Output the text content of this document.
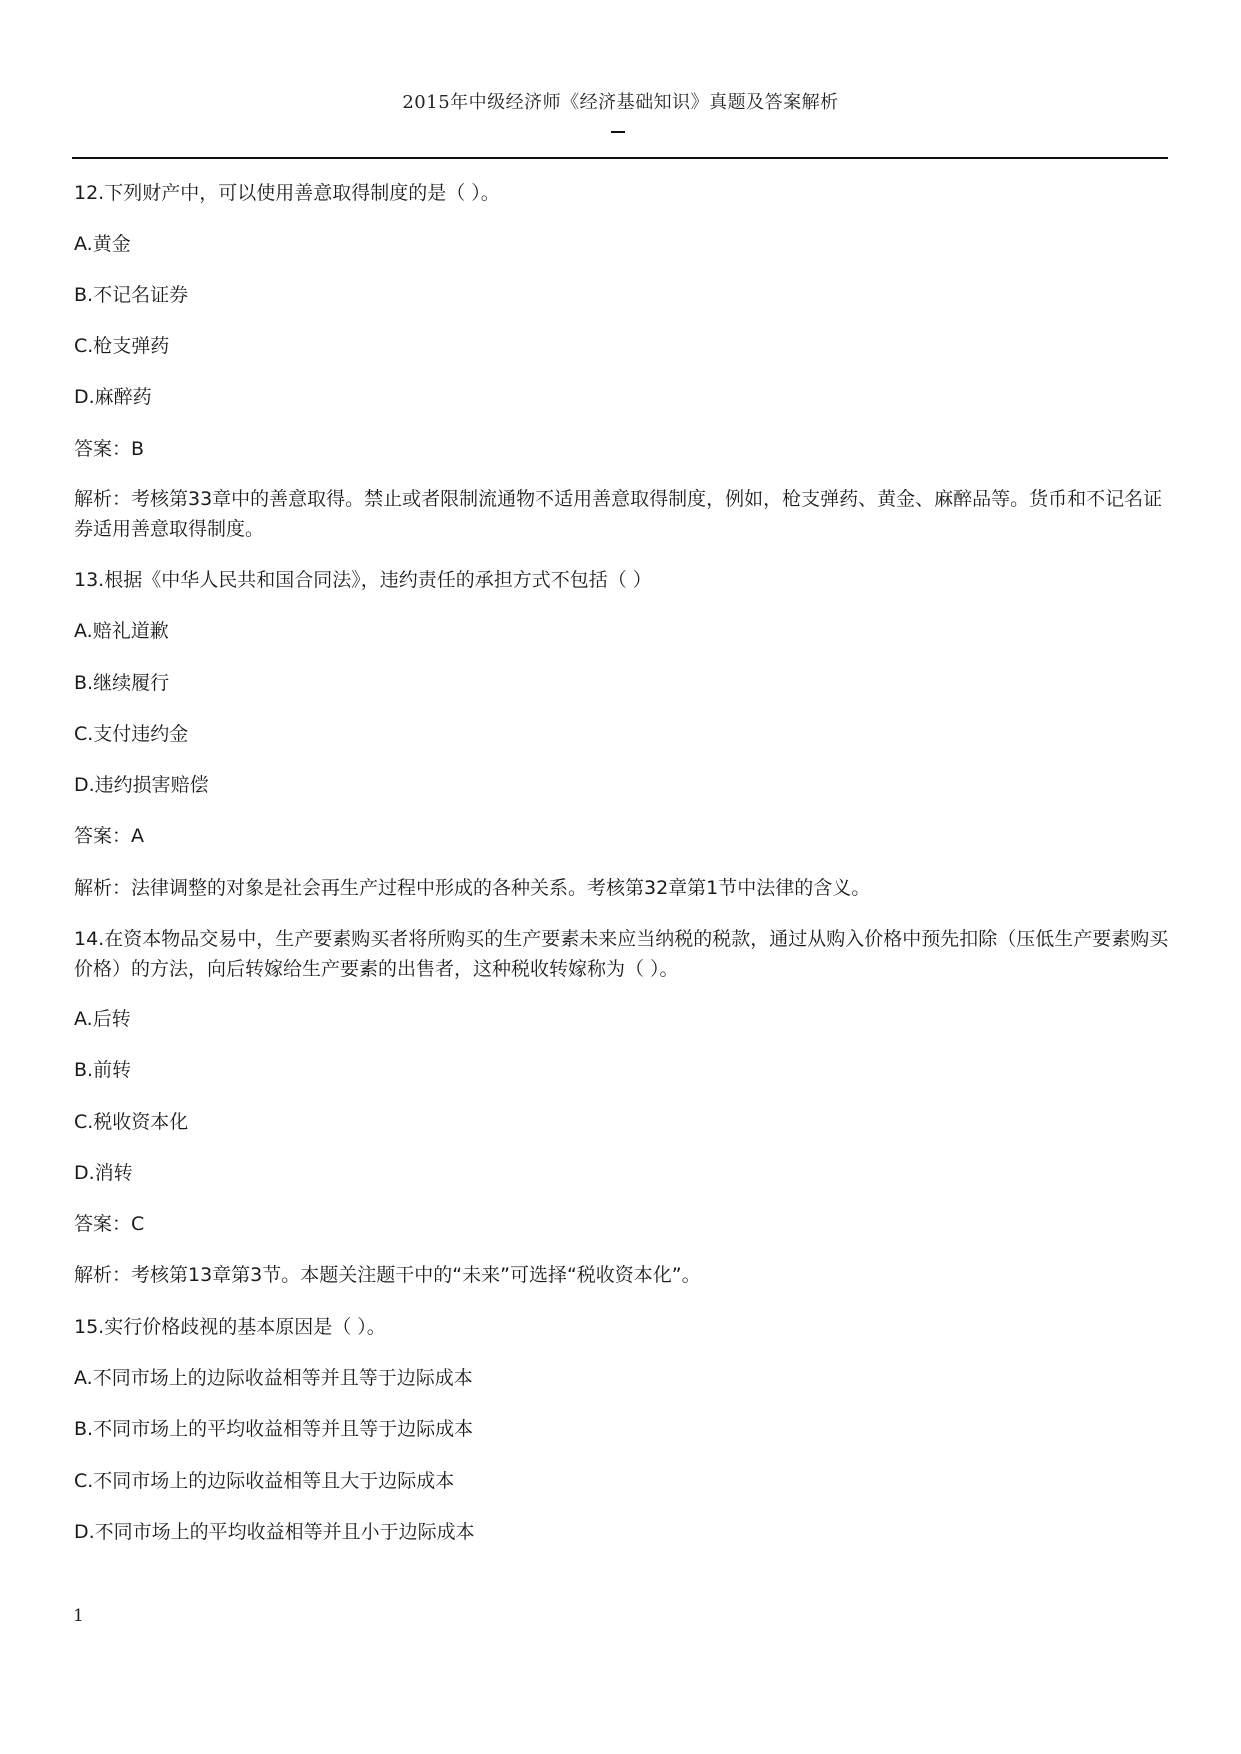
2015年中级经济师《经济基础知识》真题及答案解析
12.下列财产中，可以使用善意取得制度的是（ ）。
A.黄金
B.不记名证券
C.枪支弹药
D.麻醉药
答案：B
解析：考核第33章中的善意取得。禁止或者限制流通物不适用善意取得制度，例如，枪支弹药、黄金、麻醉品等。货币和不记名证券适用善意取得制度。
13.根据《中华人民共和国合同法》，违约责任的承担方式不包括（ ）
A.赔礼道歉
B.继续履行
C.支付违约金
D.违约损害赔偿
答案：A
解析：法律调整的对象是社会再生产过程中形成的各种关系。考核第32章第1节中法律的含义。
14.在资本物品交易中，生产要素购买者将所购买的生产要素未来应当纳税的税款，通过从购入价格中预先扣除（压低生产要素购买价格）的方法，向后转嫁给生产要素的出售者，这种税收转嫁称为（ ）。
A.后转
B.前转
C.税收资本化
D.消转
答案：C
解析：考核第13章第3节。本题关注题干中的“未来”可选择“税收资本化”。
15.实行价格歧视的基本原因是（ ）。
A.不同市场上的边际收益相等并且等于边际成本
B.不同市场上的平均收益相等并且等于边际成本
C.不同市场上的边际收益相等且大于边际成本
D.不同市场上的平均收益相等并且小于边际成本
1
